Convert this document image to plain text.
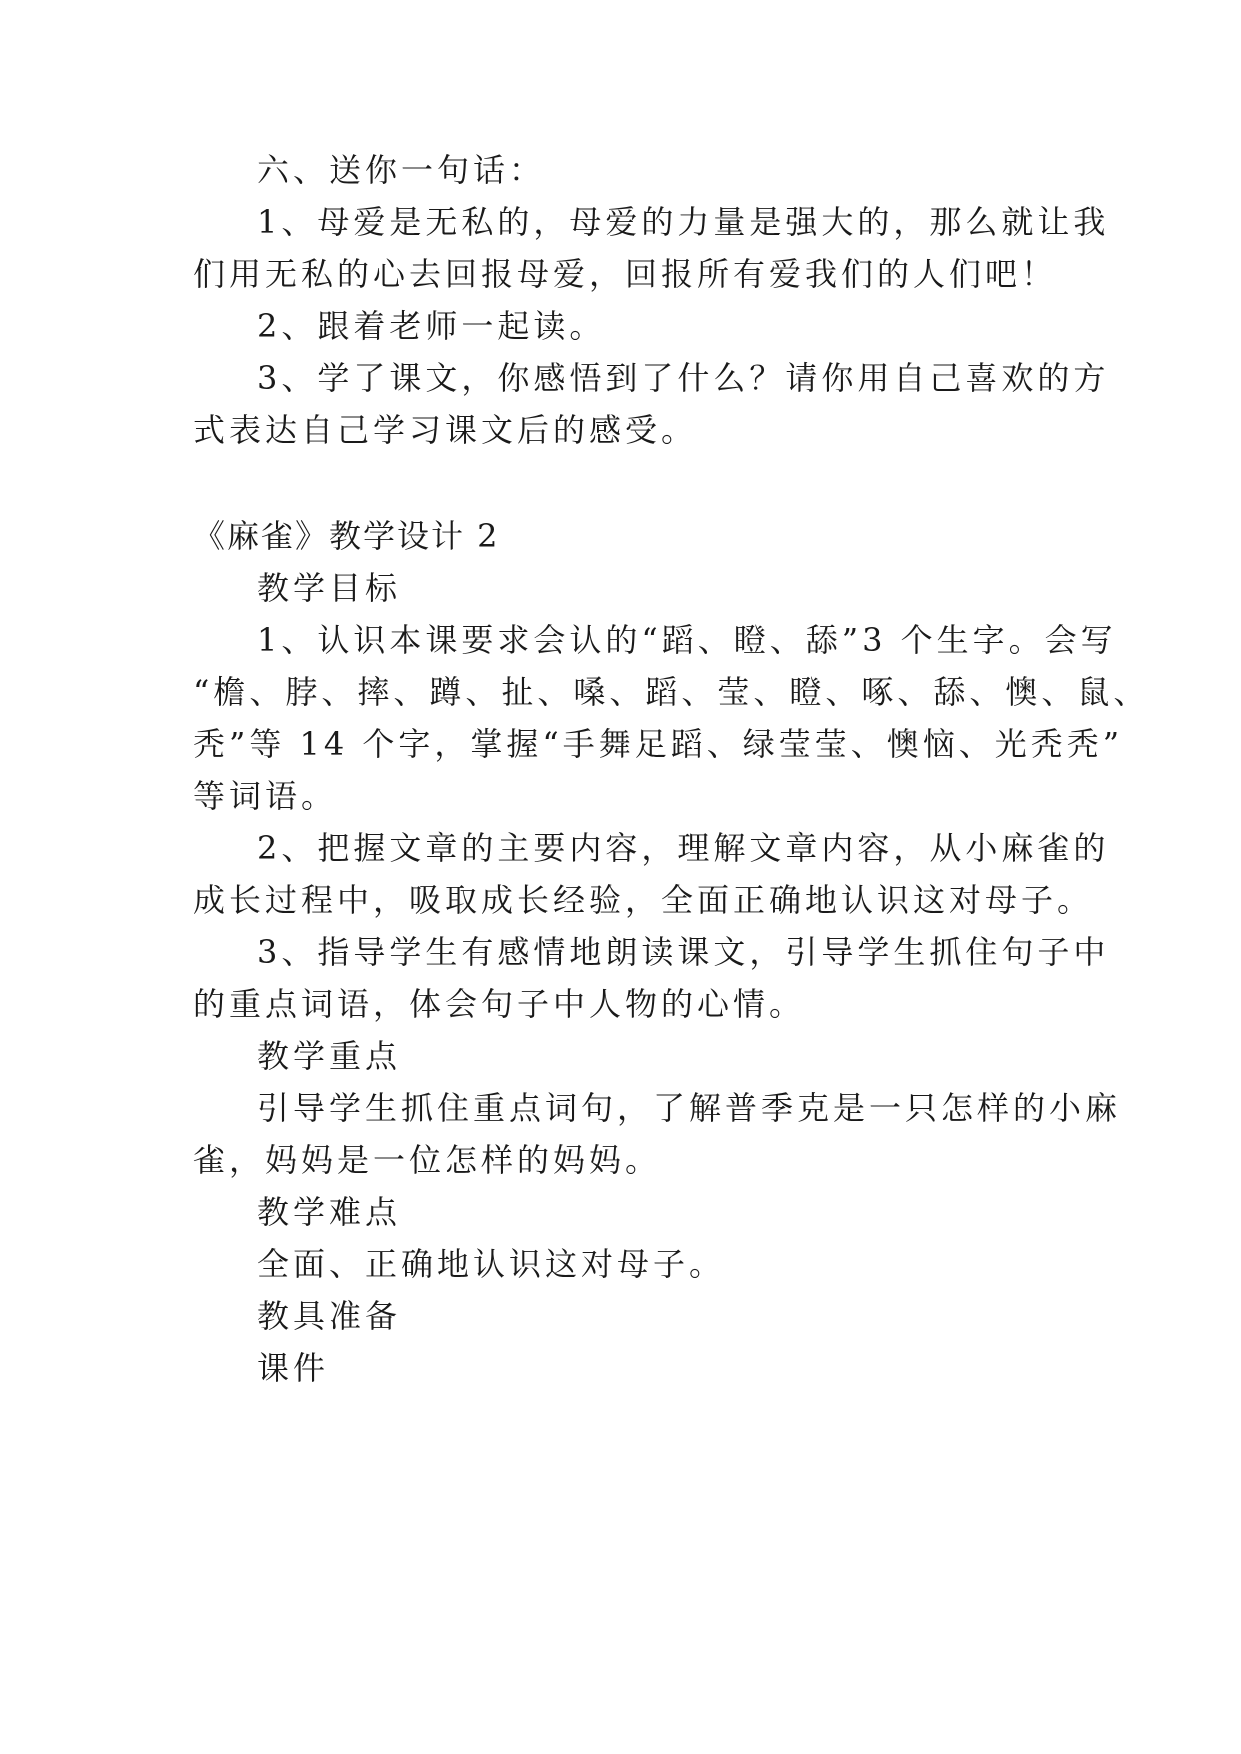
六、送你一句话：
1、母爱是无私的，母爱的力量是强大的，那么就让我
们用无私的心去回报母爱，回报所有爱我们的人们吧！
2、跟着老师一起读。
3、学了课文，你感悟到了什么？请你用自己喜欢的方
式表达自己学习课文后的感受。
《麻雀》教学设计 2
教学目标
1、认识本课要求会认的“蹈、瞪、舔”3 个生字。会写
“檐、脖、摔、蹲、扯、嗓、蹈、莹、瞪、啄、舔、懊、鼠、
秃”等 14 个字，掌握“手舞足蹈、绿莹莹、懊恼、光秃秃”
等词语。
2、把握文章的主要内容，理解文章内容，从小麻雀的
成长过程中，吸取成长经验，全面正确地认识这对母子。
3、指导学生有感情地朗读课文，引导学生抓住句子中
的重点词语，体会句子中人物的心情。
教学重点
引导学生抓住重点词句，了解普季克是一只怎样的小麻
雀，妈妈是一位怎样的妈妈。
教学难点
全面、正确地认识这对母子。
教具准备
课件
